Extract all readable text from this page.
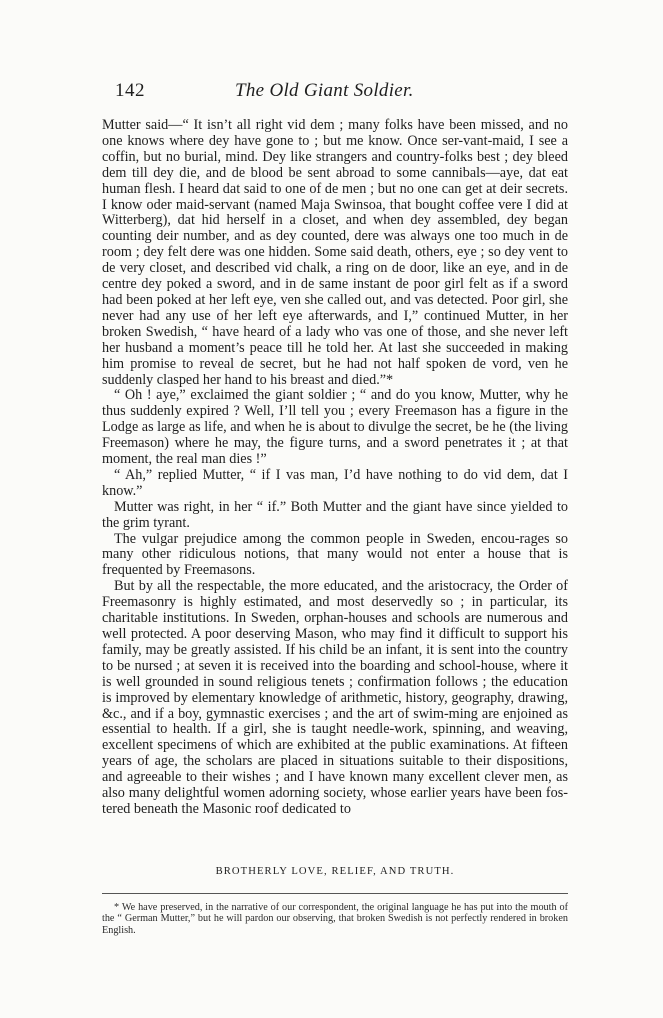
142	The Old Giant Soldier.

Mutter said—“ It isn’t all right vid dem ; many folks have been missed, and no one knows where dey have gone to ; but me know. Once ser-vant-maid, I see a coffin, but no burial, mind. Dey like strangers and country-folks best ; dey bleed dem till dey die, and de blood be sent abroad to some cannibals—aye, dat eat human flesh. I heard dat said to one of de men ; but no one can get at deir secrets. I know oder maid-servant (named Maja Swinsoa, that bought coffee vere I did at Witterberg), dat hid herself in a closet, and when dey assembled, dey began counting deir number, and as dey counted, dere was always one too much in de room ; dey felt dere was one hidden. Some said death, others, eye ; so dey vent to de very closet, and described vid chalk, a ring on de door, like an eye, and in de centre dey poked a sword, and in de same instant de poor girl felt as if a sword had been poked at her left eye, ven she called out, and vas detected. Poor girl, she never had any use of her left eye afterwards, and I,” continued Mutter, in her broken Swedish, “ have heard of a lady who vas one of those, and she never left her husband a moment’s peace till he told her. At last she succeeded in making him promise to reveal de secret, but he had not half spoken de vord, ven he suddenly clasped her hand to his breast and died.”*

“ Oh ! aye,” exclaimed the giant soldier ; “ and do you know, Mutter, why he thus suddenly expired ? Well, I’ll tell you ; every Freemason has a figure in the Lodge as large as life, and when he is about to divulge the secret, be he (the living Freemason) where he may, the figure turns, and a sword penetrates it ; at that moment, the real man dies !”

“ Ah,” replied Mutter, “ if I vas man, I’d have nothing to do vid dem, dat I know.”

Mutter was right, in her “ if.” Both Mutter and the giant have since yielded to the grim tyrant.

The vulgar prejudice among the common people in Sweden, encou-rages so many other ridiculous notions, that many would not enter a house that is frequented by Freemasons.

But by all the respectable, the more educated, and the aristocracy, the Order of Freemasonry is highly estimated, and most deservedly so ; in particular, its charitable institutions. In Sweden, orphan-houses and schools are numerous and well protected. A poor deserving Mason, who may find it difficult to support his family, may be greatly assisted. If his child be an infant, it is sent into the country to be nursed ; at seven it is received into the boarding and school-house, where it is well grounded in sound religious tenets ; confirmation follows ; the education is improved by elementary knowledge of arithmetic, history, geography, drawing, &c., and if a boy, gymnastic exercises ; and the art of swim-ming are enjoined as essential to health. If a girl, she is taught needle-work, spinning, and weaving, excellent specimens of which are exhibited at the public examinations. At fifteen years of age, the scholars are placed in situations suitable to their dispositions, and agreeable to their wishes ; and I have known many excellent clever men, as also many delightful women adorning society, whose earlier years have been fos-tered beneath the Masonic roof dedicated to

BROTHERLY LOVE, RELIEF, AND TRUTH.
* We have preserved, in the narrative of our correspondent, the original language he has put into the mouth of the “ German Mutter,” but he will pardon our observing, that broken Swedish is not perfectly rendered in broken English.
